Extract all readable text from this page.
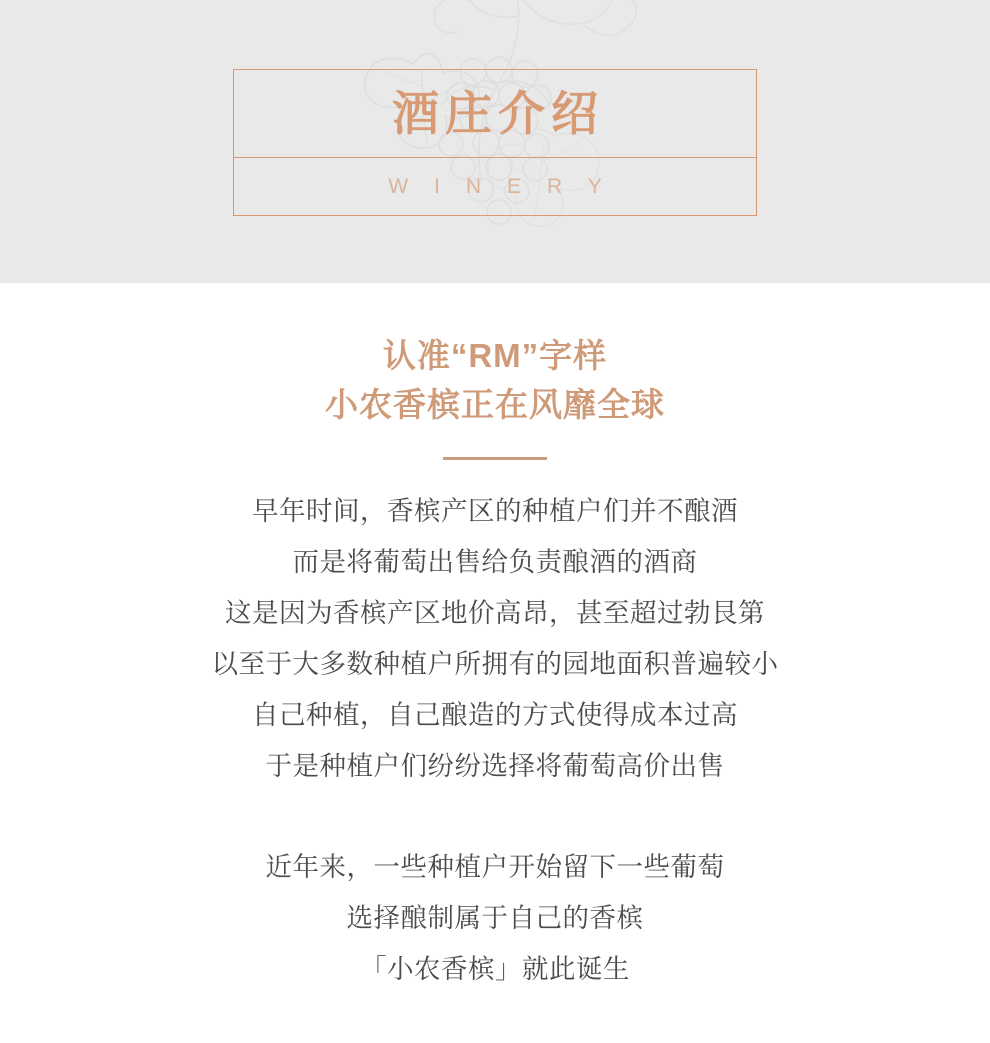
酒庄介绍
WINERY
认准“RM”字样
小农香槟正在风靡全球

早年时间，香槟产区的种植户们并不酿酒

而是将葡萄出售给负责酿酒的酒商

这是因为香槟产区地价高昂，甚至超过勃艮第

以至于大多数种植户所拥有的园地面积普遍较小

自己种植，自己酿造的方式使得成本过高

于是种植户们纷纷选择将葡萄高价出售

近年来，一些种植户开始留下一些葡萄

选择酿制属于自己的香槟

「小农香槟」就此诞生
